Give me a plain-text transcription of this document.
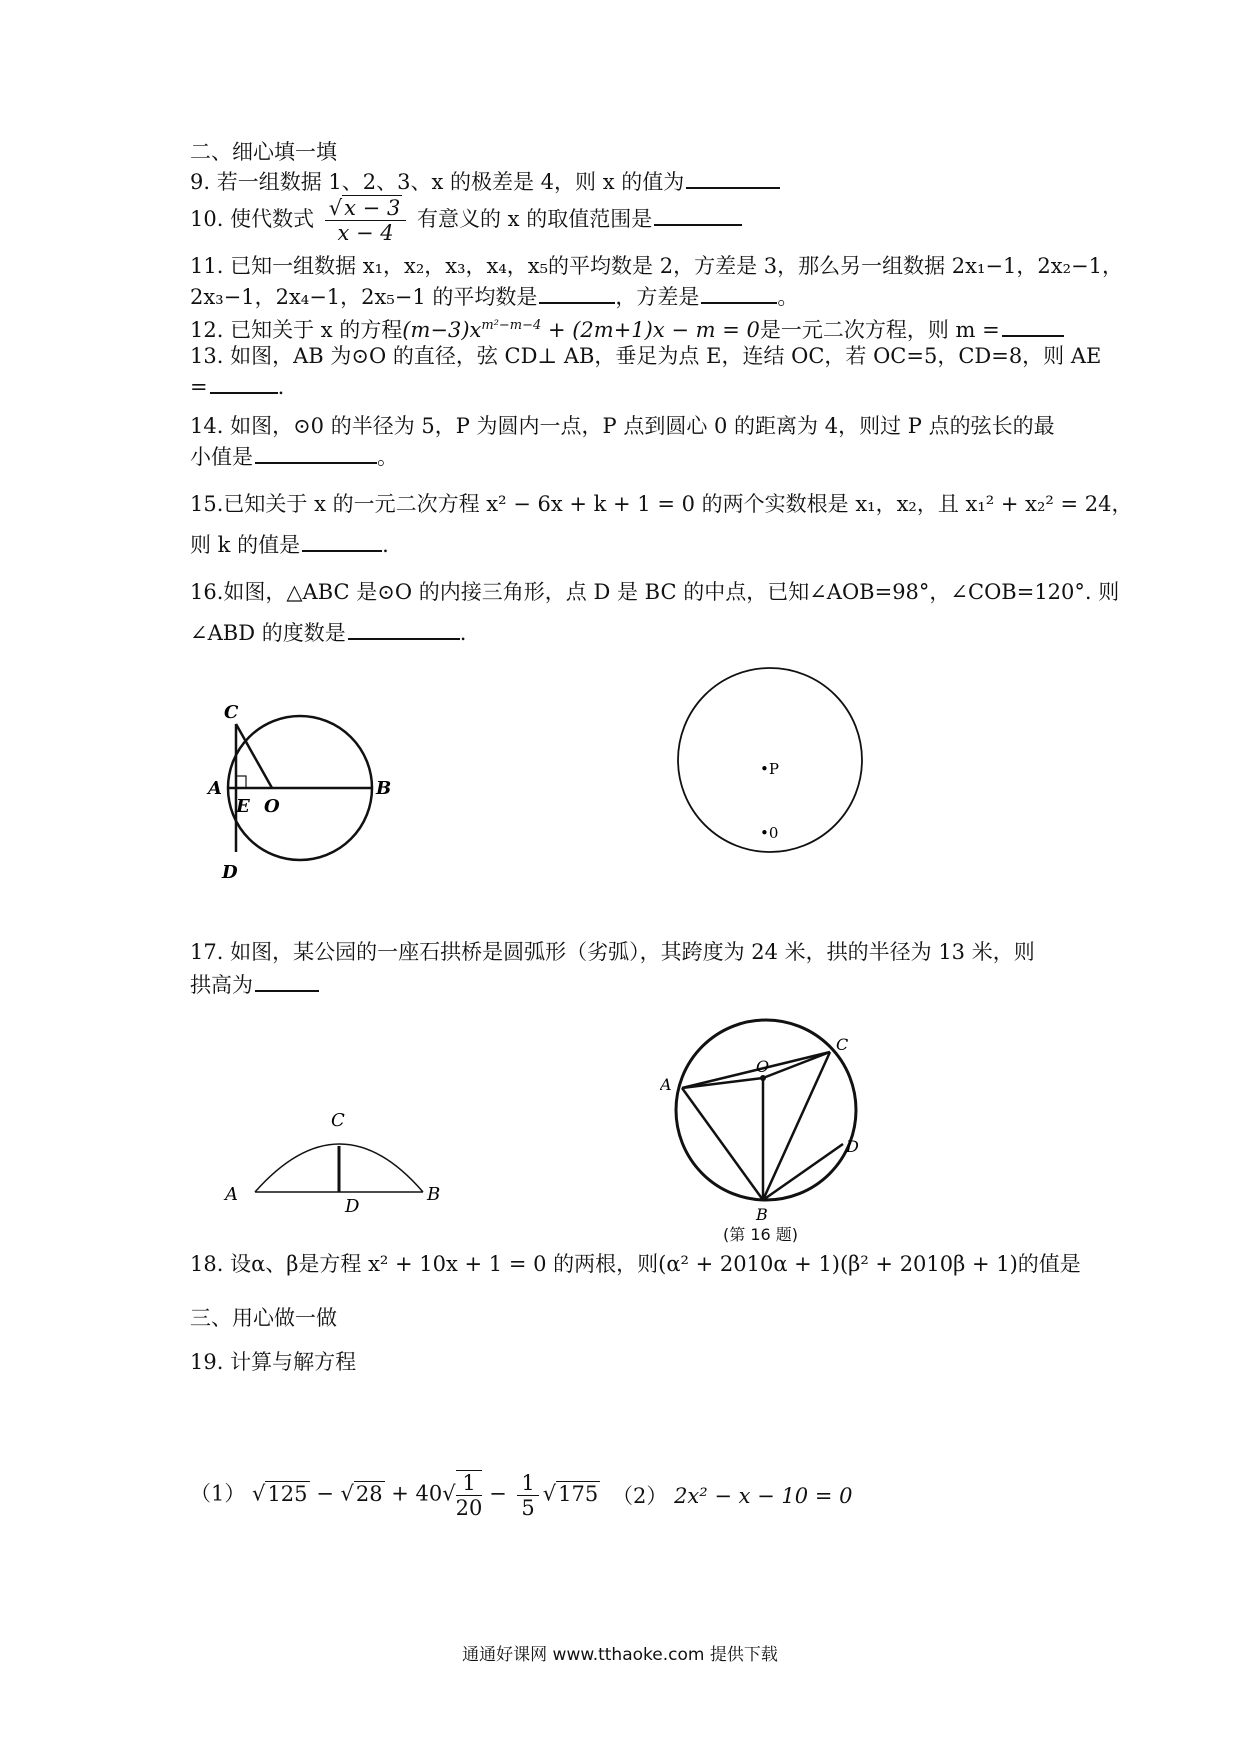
二、细心填一填
9. 若一组数据 1、2、3、x 的极差是 4，则 x 的值为
10. 使代数式 $\frac{√x - 3}{x - 4}$ 有意义的 x 的取值范围是
11. 已知一组数据 x₁，x₂，x₃，x₄，x₅的平均数是 2，方差是 3，那么另一组数据 2x₁−1，2x₂−1，
2x₃−1，2x₄−1，2x₅−1 的平均数是	，方差是	。
12. 已知关于 x 的方程$(m-3)x^{m^2-m-4} + (2m+1)x - m = 0$是一元二次方程，则 m =
13. 如图，AB 为⊙O 的直径，弦 CD⊥ AB，垂足为点 E，连结 OC，若 OC=5，CD=8，则 AE
=	.
14. 如图，⊙0 的半径为 5，P 为圆内一点，P 点到圆心 0 的距离为 4，则过 P 点的弦长的最
小值是	。
15.已知关于 x 的一元二次方程 x² − 6x + k + 1 = 0 的两个实数根是 x₁，x₂，且 x₁² + x₂² = 24，
则 k 的值是	.
16.如图，△ABC 是⊙O 的内接三角形，点 D 是 BC 的中点，已知∠AOB=98°，∠COB=120°. 则
∠ABD 的度数是	.
C
A
E O
B
D
•P
•0
17. 如图，某公园的一座石拱桥是圆弧形（劣弧），其跨度为 24 米，拱的半径为 13 米，则
拱高为
A	B
C
D
A
C
O
D
B
(第 16 题)
18. 设α、β是方程 x² + 10x + 1 = 0 的两根，则(α² + 2010α + 1)(β² + 2010β + 1)的值是
三、用心做一做
19. 计算与解方程
（1） $√125 - √28 + 40√ \frac{1}{20} - \frac{1}{5} √175$ （2） 2x² − x − 10 = 0
通通好课网 www.tthaoke.com 提供下载
